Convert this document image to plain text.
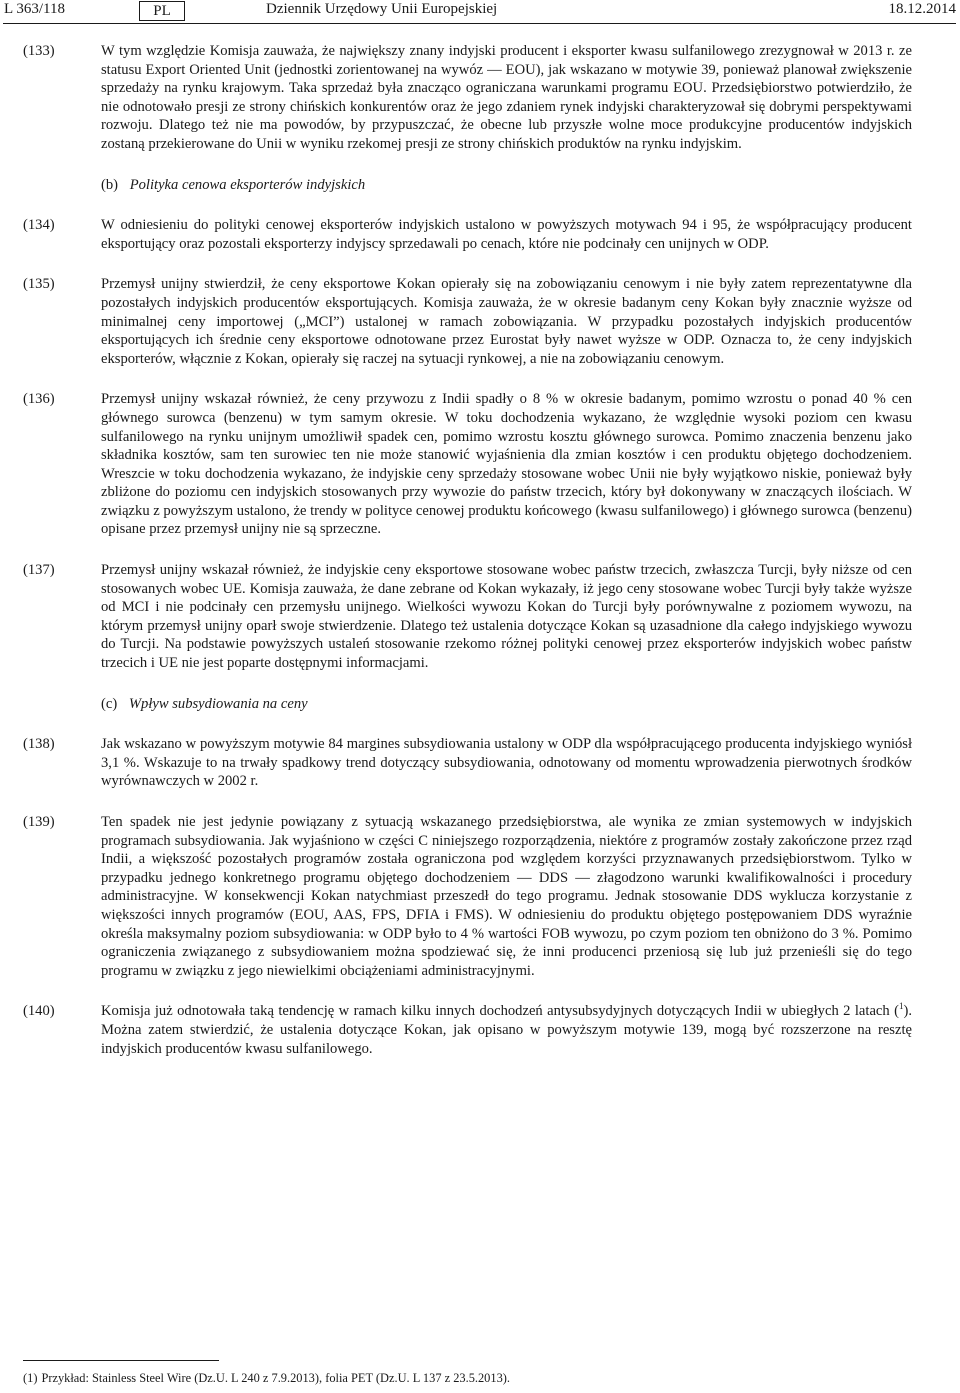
L 363/118	PL	Dziennik Urzędowy Unii Europejskiej	18.12.2014
(133)	W tym względzie Komisja zauważa, że największy znany indyjski producent i eksporter kwasu sulfanilowego zrezygnował w 2013 r. ze statusu Export Oriented Unit (jednostki zorientowanej na wywóz — EOU), jak wskazano w motywie 39, ponieważ planował zwiększenie sprzedaży na rynku krajowym. Taka sprzedaż była znacząco ograniczana warunkami programu EOU. Przedsiębiorstwo potwierdziło, że nie odnotowało presji ze strony chińskich konkurentów oraz że jego zdaniem rynek indyjski charakteryzował się dobrymi perspektywami rozwoju. Dlatego też nie ma powodów, by przypuszczać, że obecne lub przyszłe wolne moce produkcyjne producentów indyjskich zostaną przekierowane do Unii w wyniku rzekomej presji ze strony chińskich produktów na rynku indyjskim.
(b) Polityka cenowa eksporterów indyjskich
(134)	W odniesieniu do polityki cenowej eksporterów indyjskich ustalono w powyższych motywach 94 i 95, że współpracujący producent eksportujący oraz pozostali eksporterzy indyjscy sprzedawali po cenach, które nie podcinały cen unijnych w ODP.
(135)	Przemysł unijny stwierdził, że ceny eksportowe Kokan opierały się na zobowiązaniu cenowym i nie były zatem reprezentatywne dla pozostałych indyjskich producentów eksportujących. Komisja zauważa, że w okresie badanym ceny Kokan były znacznie wyższe od minimalnej ceny importowej („MCI”) ustalonej w ramach zobowiązania. W przypadku pozostałych indyjskich producentów eksportujących ich średnie ceny eksportowe odnotowane przez Eurostat były nawet wyższe w ODP. Oznacza to, że ceny indyjskich eksporterów, włącznie z Kokan, opierały się raczej na sytuacji rynkowej, a nie na zobowiązaniu cenowym.
(136)	Przemysł unijny wskazał również, że ceny przywozu z Indii spadły o 8 % w okresie badanym, pomimo wzrostu o ponad 40 % cen głównego surowca (benzenu) w tym samym okresie. W toku dochodzenia wykazano, że względnie wysoki poziom cen kwasu sulfanilowego na rynku unijnym umożliwił spadek cen, pomimo wzrostu kosztu głównego surowca. Pomimo znaczenia benzenu jako składnika kosztów, sam ten surowiec ten nie może stanowić wyjaśnienia dla zmian kosztów i cen produktu objętego dochodzeniem. Wreszcie w toku dochodzenia wykazano, że indyjskie ceny sprzedaży stosowane wobec Unii nie były wyjątkowo niskie, ponieważ były zbliżone do poziomu cen indyjskich stosowanych przy wywozie do państw trzecich, który był dokonywany w znaczących ilościach. W związku z powyższym ustalono, że trendy w polityce cenowej produktu końcowego (kwasu sulfanilowego) i głównego surowca (benzenu) opisane przez przemysł unijny nie są sprzeczne.
(137)	Przemysł unijny wskazał również, że indyjskie ceny eksportowe stosowane wobec państw trzecich, zwłaszcza Turcji, były niższe od cen stosowanych wobec UE. Komisja zauważa, że dane zebrane od Kokan wykazały, iż jego ceny stosowane wobec Turcji były także wyższe od MCI i nie podcinały cen przemysłu unijnego. Wielkości wywozu Kokan do Turcji były porównywalne z poziomem wywozu, na którym przemysł unijny oparł swoje stwierdzenie. Dlatego też ustalenia dotyczące Kokan są uzasadnione dla całego indyjskiego wywozu do Turcji. Na podstawie powyższych ustaleń stosowanie rzekomo różnej polityki cenowej przez eksporterów indyjskich wobec państw trzecich i UE nie jest poparte dostępnymi informacjami.
(c) Wpływ subsydiowania na ceny
(138)	Jak wskazano w powyższym motywie 84 margines subsydiowania ustalony w ODP dla współpracującego producenta indyjskiego wyniósł 3,1 %. Wskazuje to na trwały spadkowy trend dotyczący subsydiowania, odnotowany od momentu wprowadzenia pierwotnych środków wyrównawczych w 2002 r.
(139)	Ten spadek nie jest jedynie powiązany z sytuacją wskazanego przedsiębiorstwa, ale wynika ze zmian systemowych w indyjskich programach subsydiowania. Jak wyjaśniono w części C niniejszego rozporządzenia, niektóre z programów zostały zakończone przez rząd Indii, a większość pozostałych programów została ograniczona pod względem korzyści przyznawanych przedsiębiorstwom. Tylko w przypadku jednego konkretnego programu objętego dochodzeniem — DDS — złagodzono warunki kwalifikowalności i procedury administracyjne. W konsekwencji Kokan natychmiast przeszedł do tego programu. Jednak stosowanie DDS wyklucza korzystanie z większości innych programów (EOU, AAS, FPS, DFIA i FMS). W odniesieniu do produktu objętego postępowaniem DDS wyraźnie określa maksymalny poziom subsydiowania: w ODP było to 4 % wartości FOB wywozu, po czym poziom ten obniżono do 3 %. Pomimo ograniczenia związanego z subsydiowaniem można spodziewać się, że inni producenci przeniosą się lub już przenieśli się do tego programu w związku z jego niewielkimi obciążeniami administracyjnymi.
(140)	Komisja już odnotowała taką tendencję w ramach kilku innych dochodzeń antysubsydyjnych dotyczących Indii w ubiegłych 2 latach ($^1$). Można zatem stwierdzić, że ustalenia dotyczące Kokan, jak opisano w powyższym motywie 139, mogą być rozszerzone na resztę indyjskich producentów kwasu sulfanilowego.
(1) Przykład: Stainless Steel Wire (Dz.U. L 240 z 7.9.2013), folia PET (Dz.U. L 137 z 23.5.2013).
